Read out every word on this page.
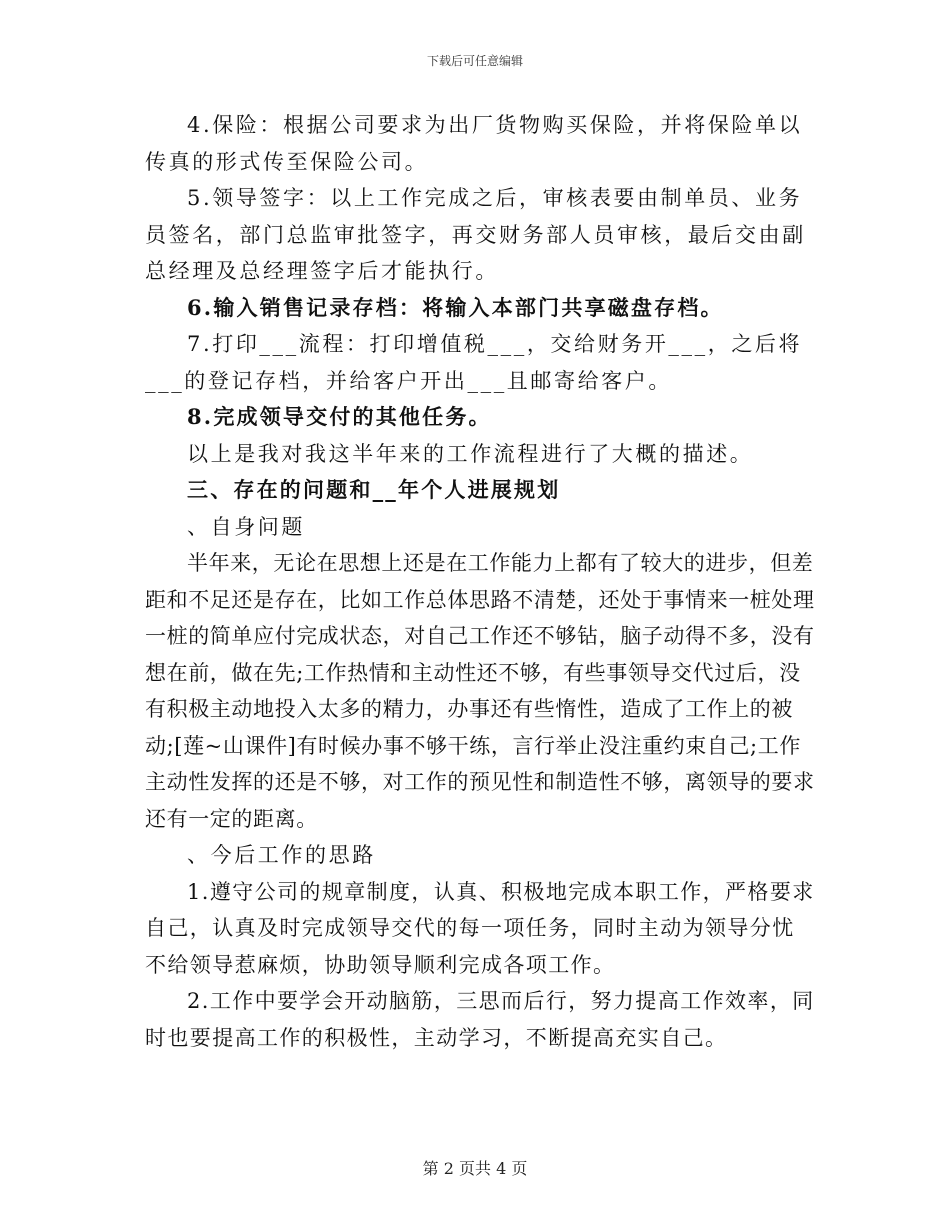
下载后可任意编辑

4.保险：根据公司要求为出厂货物购买保险，并将保险单以传真的形式传至保险公司。

5.领导签字：以上工作完成之后，审核表要由制单员、业务员签名，部门总监审批签字，再交财务部人员审核，最后交由副总经理及总经理签字后才能执行。

6.输入销售记录存档：将输入本部门共享磁盘存档。

7.打印___流程：打印增值税___，交给财务开___，之后将___的登记存档，并给客户开出___且邮寄给客户。

8.完成领导交付的其他任务。

以上是我对我这半年来的工作流程进行了大概的描述。

三、存在的问题和__年个人进展规划

、自身问题

半年来，无论在思想上还是在工作能力上都有了较大的进步，但差距和不足还是存在，比如工作总体思路不清楚，还处于事情来一桩处理一桩的简单应付完成状态，对自己工作还不够钻，脑子动得不多，没有想在前，做在先;工作热情和主动性还不够，有些事领导交代过后，没有积极主动地投入太多的精力，办事还有些惰性，造成了工作上的被动;[莲~山课件]有时候办事不够干练，言行举止没注重约束自己;工作主动性发挥的还是不够，对工作的预见性和制造性不够，离领导的要求还有一定的距离。

、今后工作的思路

1.遵守公司的规章制度，认真、积极地完成本职工作，严格要求自己，认真及时完成领导交代的每一项任务，同时主动为领导分忧不给领导惹麻烦，协助领导顺利完成各项工作。

2.工作中要学会开动脑筋，三思而后行，努力提高工作效率，同时也要提高工作的积极性，主动学习，不断提高充实自己。

第 2 页共 4 页
